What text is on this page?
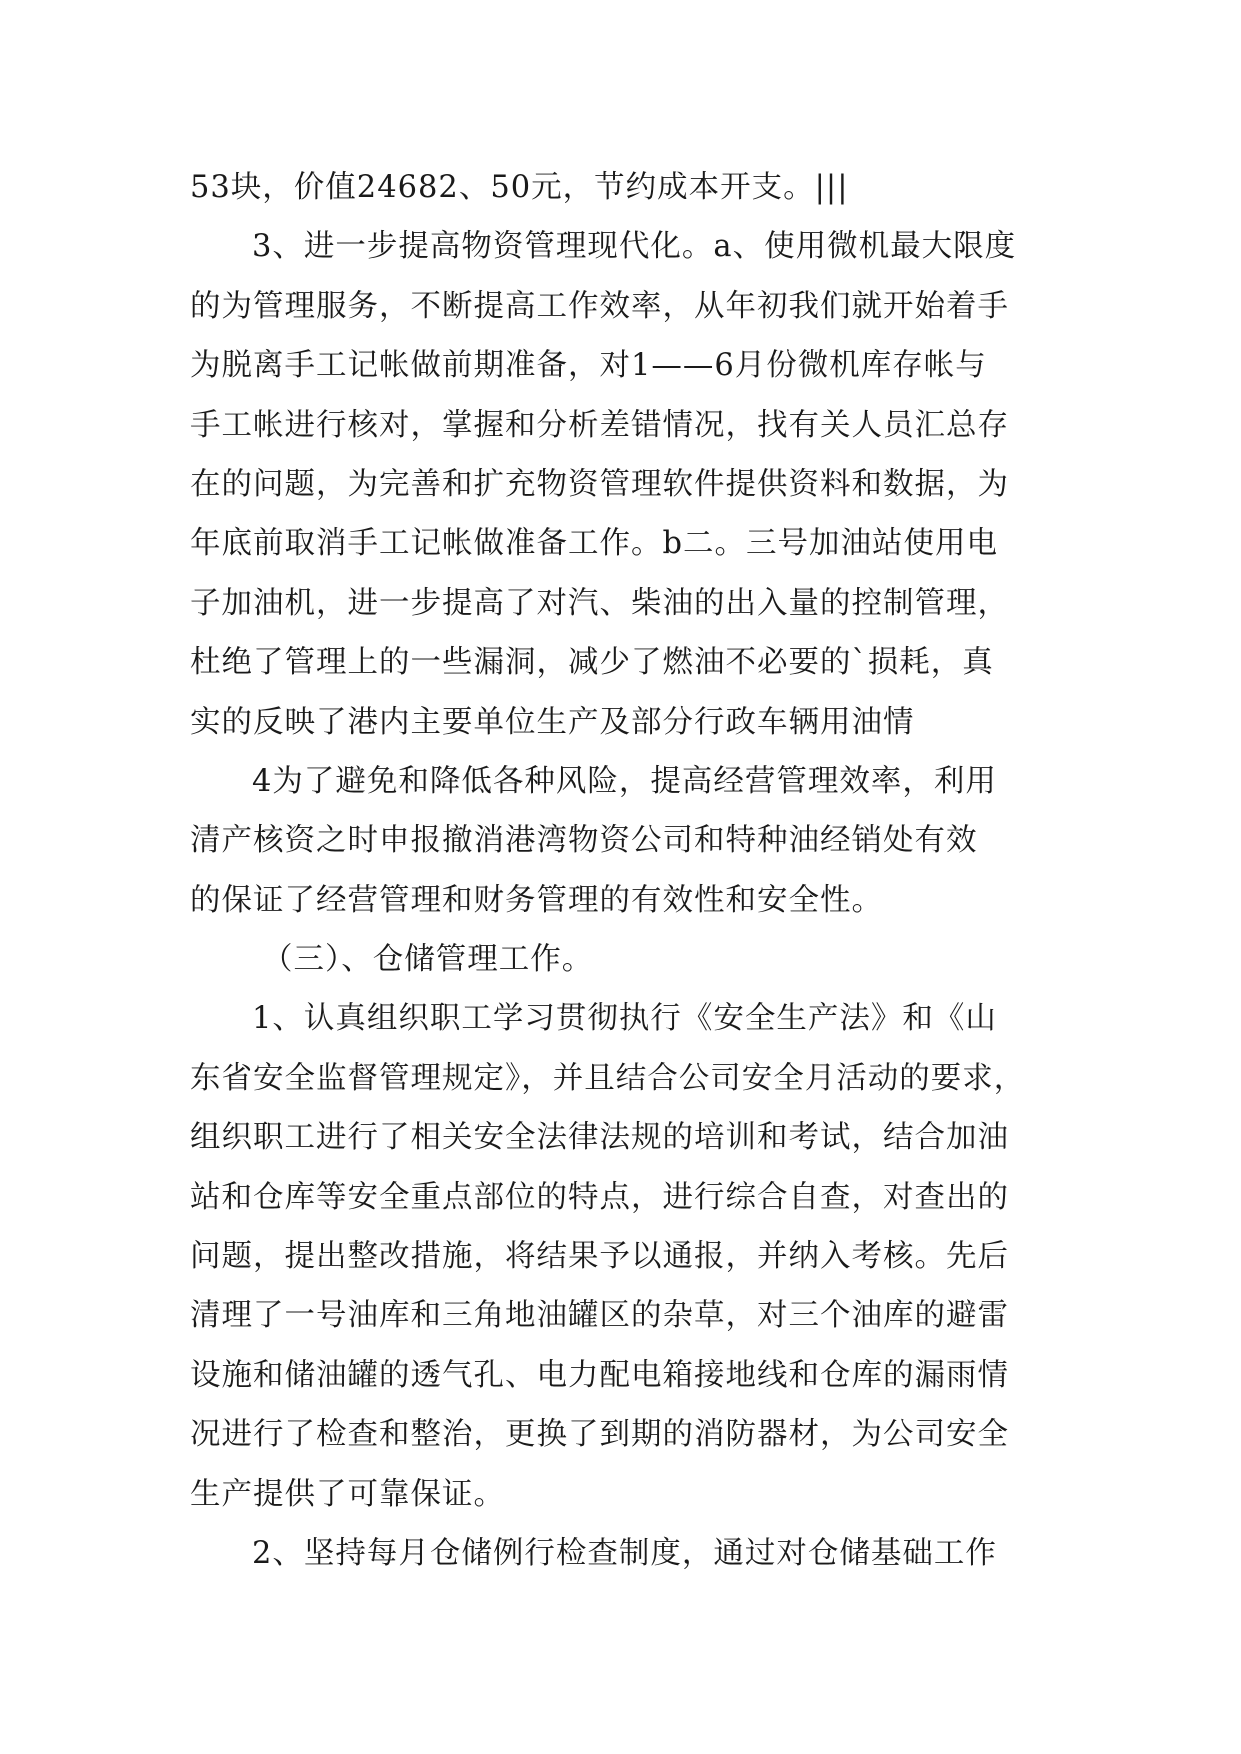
53块，价值24682、50元，节约成本开支。|||
3、进一步提高物资管理现代化。a、使用微机最大限度
的为管理服务，不断提高工作效率，从年初我们就开始着手
为脱离手工记帐做前期准备，对1——6月份微机库存帐与
手工帐进行核对，掌握和分析差错情况，找有关人员汇总存
在的问题，为完善和扩充物资管理软件提供资料和数据，为
年底前取消手工记帐做准备工作。b二。三号加油站使用电
子加油机，进一步提高了对汽、柴油的出入量的控制管理，
杜绝了管理上的一些漏洞，减少了燃油不必要的`损耗，真
实的反映了港内主要单位生产及部分行政车辆用油情
4为了避免和降低各种风险，提高经营管理效率，利用
清产核资之时申报撤消港湾物资公司和特种油经销处有效
的保证了经营管理和财务管理的有效性和安全性。
（三）、仓储管理工作。
1、认真组织职工学习贯彻执行《安全生产法》和《山
东省安全监督管理规定》，并且结合公司安全月活动的要求，
组织职工进行了相关安全法律法规的培训和考试，结合加油
站和仓库等安全重点部位的特点，进行综合自查，对查出的
问题，提出整改措施，将结果予以通报，并纳入考核。先后
清理了一号油库和三角地油罐区的杂草，对三个油库的避雷
设施和储油罐的透气孔、电力配电箱接地线和仓库的漏雨情
况进行了检查和整治，更换了到期的消防器材，为公司安全
生产提供了可靠保证。
2、坚持每月仓储例行检查制度，通过对仓储基础工作
